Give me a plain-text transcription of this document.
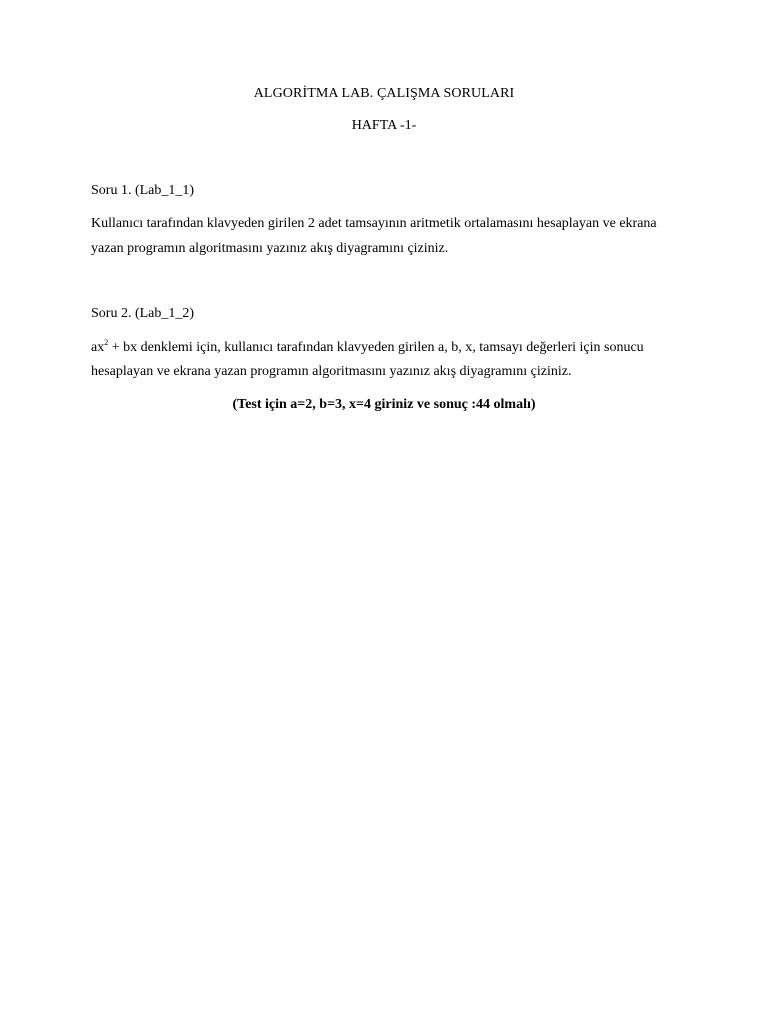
ALGORİTMA LAB. ÇALIŞMA SORULARI
HAFTA -1-
Soru 1. (Lab_1_1)
Kullanıcı tarafından klavyeden girilen 2 adet tamsayının aritmetik ortalamasını hesaplayan ve ekrana
yazan programın algoritmasını yazınız akış diyagramını çiziniz.
Soru 2. (Lab_1_2)
$ax^2$ + bx denklemi için, kullanıcı tarafından klavyeden girilen a, b, x, tamsayı değerleri için sonucu
hesaplayan ve ekrana yazan programın algoritmasını yazınız akış diyagramını çiziniz.
(Test için a=2, b=3, x=4 giriniz ve sonuç :44 olmalı)
